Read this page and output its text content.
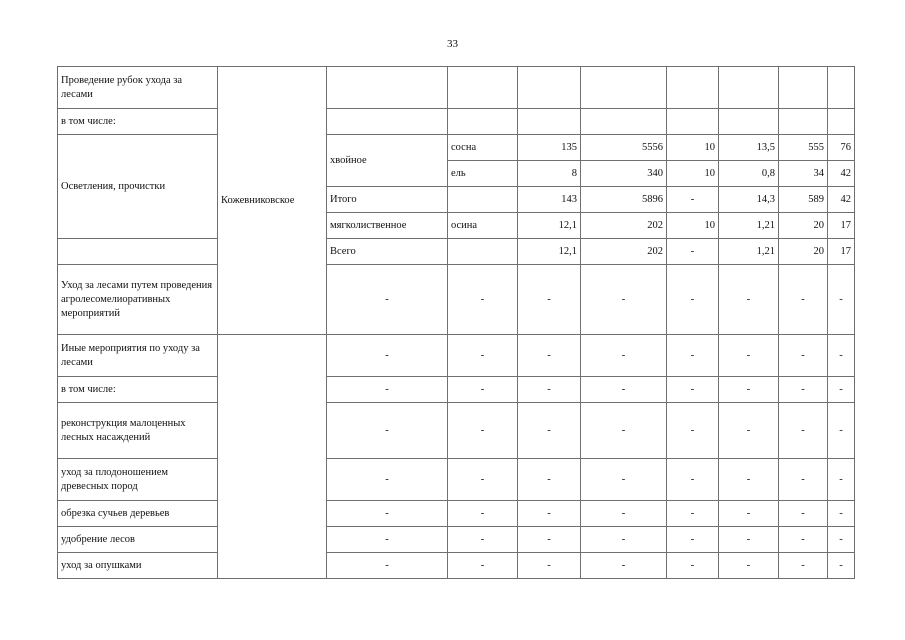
33
Проведение рубок ухода за лесами	Кожевниковское								
в том числе:									
Осветления, прочистки		хвойное	сосна	135	5556	10	13,5	555	76
			ель	8	340	10	0,8	34	42
		Итого		143	5896	-	14,3	589	42
		мягколиственное	осина	12,1	202	10	1,21	20	17
		Всего		12,1	202	-	1,21	20	17
Уход за лесами путем проведения агролесомелиоративных мероприятий		-	-	-	-	-	-	-	-
Иные мероприятия по уходу за лесами		-	-	-	-	-	-	-	-
в том числе:		-	-	-	-	-	-	-	-
реконструкция малоценных лесных насаждений		-	-	-	-	-	-	-	-
уход за плодоношением древесных пород		-	-	-	-	-	-	-	-
обрезка сучьев деревьев		-	-	-	-	-	-	-	-
удобрение лесов		-	-	-	-	-	-	-	-
уход за опушками		-	-	-	-	-	-	-	-
